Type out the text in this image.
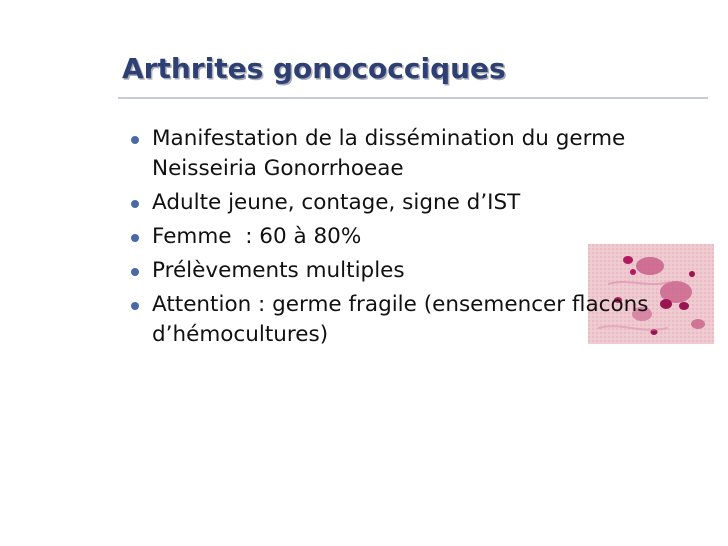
Arthrites gonococciques
Manifestation de la dissémination du germe Neisseiria Gonorrhoeae
Adulte jeune, contage, signe d’IST
Femme  : 60 à 80%
Prélèvements multiples
Attention : germe fragile (ensemencer flacons d’hémocultures)
